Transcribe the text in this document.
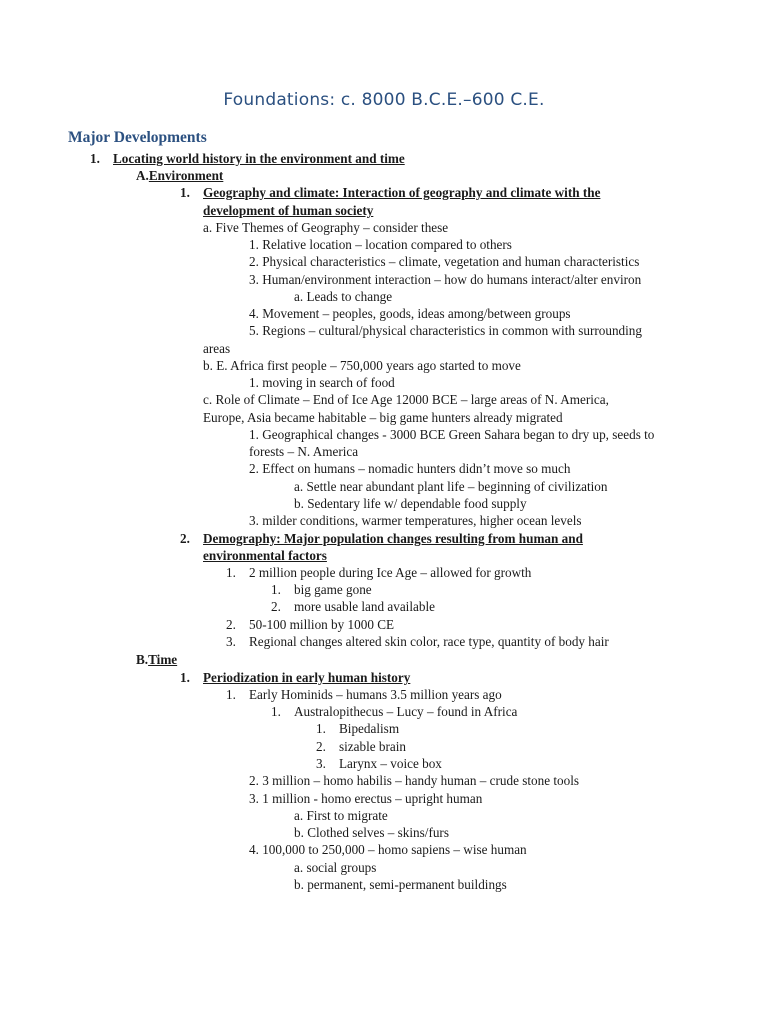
Foundations: c. 8000 B.C.E.–600 C.E.
Major Developments
1. Locating world history in the environment and time
A.Environment
1. Geography and climate: Interaction of geography and climate with the
development of human society
a. Five Themes of Geography – consider these
1. Relative location – location compared to others
2. Physical characteristics – climate, vegetation and human characteristics
3. Human/environment interaction – how do humans interact/alter environ
a. Leads to change
4. Movement – peoples, goods, ideas among/between groups
5. Regions – cultural/physical characteristics in common with surrounding
areas
b. E. Africa first people – 750,000 years ago started to move
1. moving in search of food
c. Role of Climate – End of Ice Age 12000 BCE – large areas of N. America,
Europe, Asia became habitable – big game hunters already migrated
1. Geographical changes - 3000 BCE Green Sahara began to dry up, seeds to
forests – N. America
2. Effect on humans – nomadic hunters didn’t move so much
a. Settle near abundant plant life – beginning of civilization
b. Sedentary life w/ dependable food supply
3. milder conditions, warmer temperatures, higher ocean levels
2. Demography: Major population changes resulting from human and
environmental factors
1. 2 million people during Ice Age – allowed for growth
1. big game gone
2. more usable land available
2. 50-100 million by 1000 CE
3. Regional changes altered skin color, race type, quantity of body hair
B.Time
1. Periodization in early human history
1. Early Hominids – humans 3.5 million years ago
1. Australopithecus – Lucy – found in Africa
1. Bipedalism
2. sizable brain
3. Larynx – voice box
2. 3 million – homo habilis – handy human – crude stone tools
3. 1 million - homo erectus – upright human
a. First to migrate
b. Clothed selves – skins/furs
4. 100,000 to 250,000 – homo sapiens – wise human
a. social groups
b. permanent, semi-permanent buildings
